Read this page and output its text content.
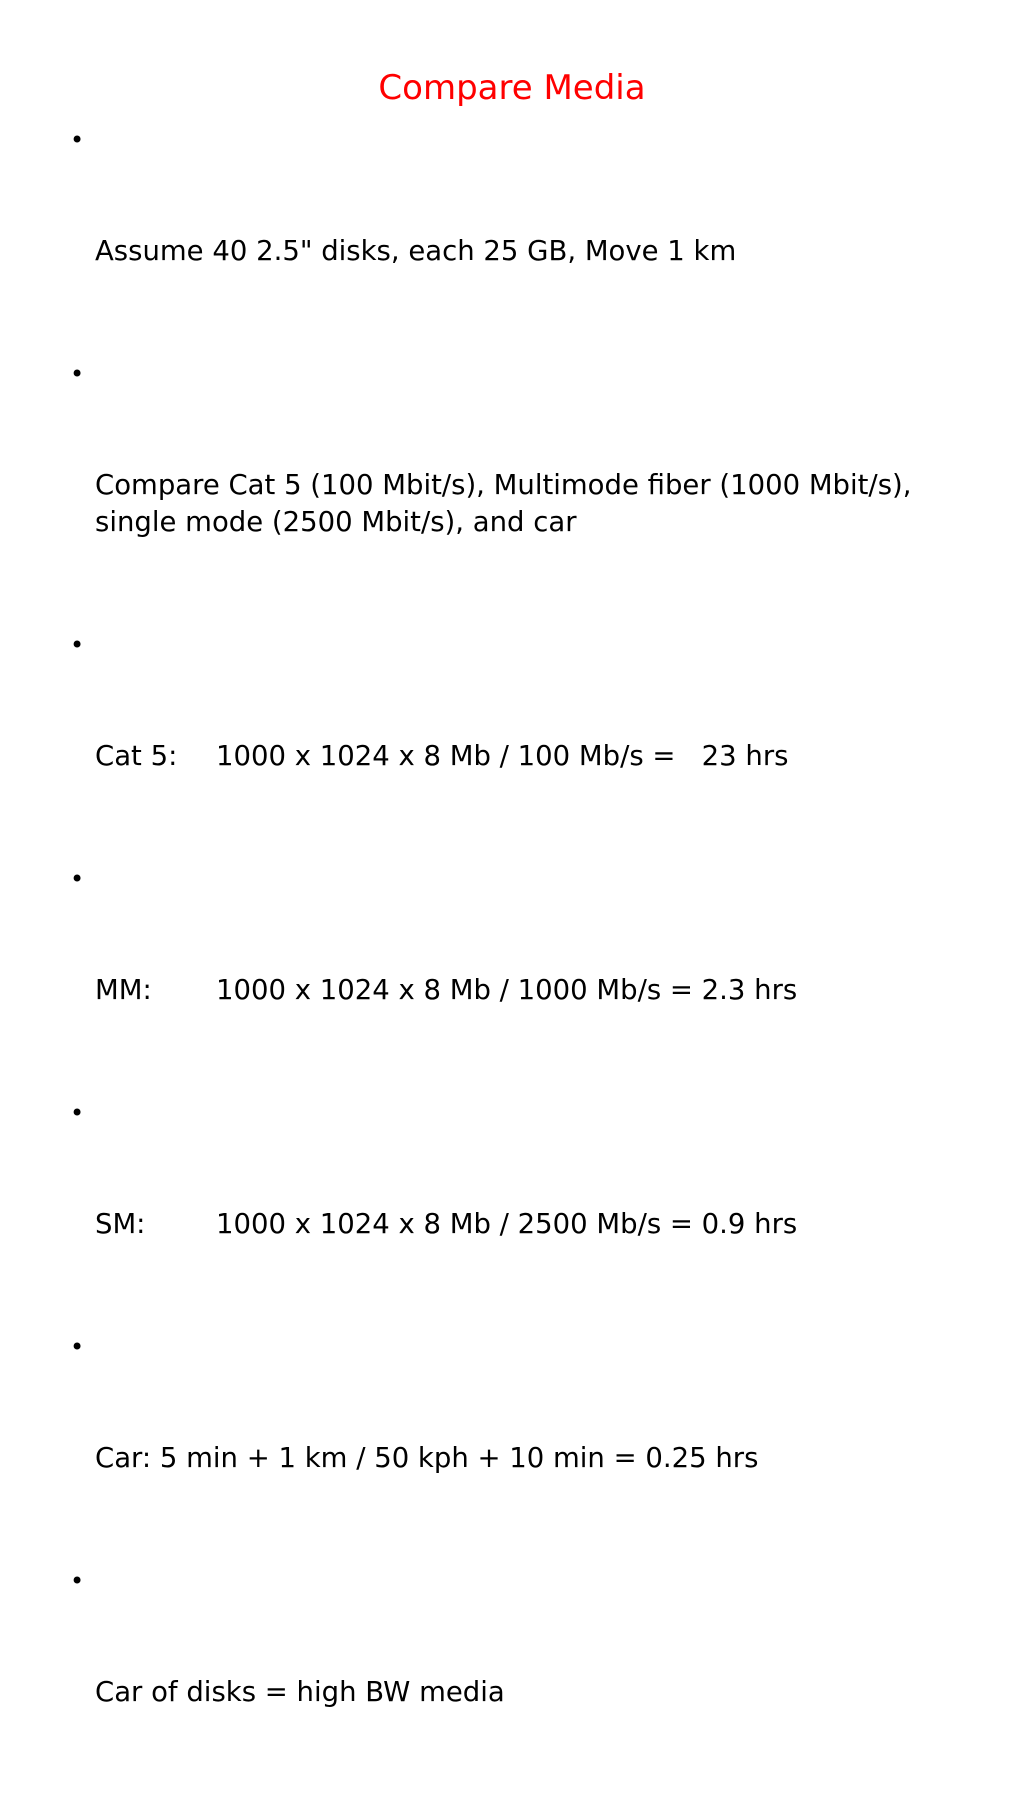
Compare Media

•

Assume 40 2.5" disks, each 25 GB, Move 1 km

•

Compare Cat 5 (100 Mbit/s), Multimode fiber (1000 Mbit/s), single mode (2500 Mbit/s), and car

•

Cat 5: 1000 x 1024 x 8 Mb / 100 Mb/s =   23 hrs

•

MM: 1000 x 1024 x 8 Mb / 1000 Mb/s = 2.3 hrs

•

SM:	1000 x 1024 x 8 Mb / 2500 Mb/s = 0.9 hrs

•

Car: 5 min + 1 km / 50 kph + 10 min = 0.25 hrs

•

Car of disks = high BW media
